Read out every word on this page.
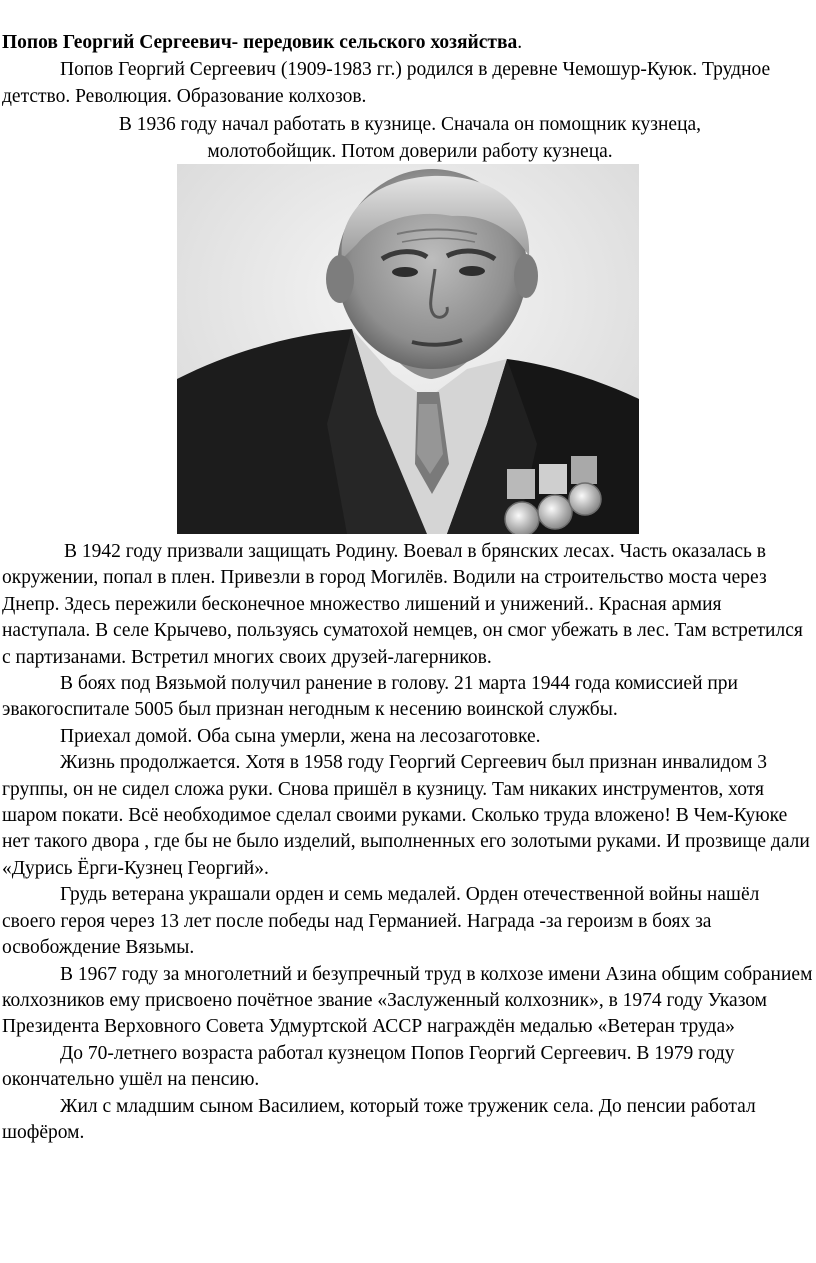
Попов Георгий Сергеевич- передовик сельского хозяйства.
Попов Георгий Сергеевич (1909-1983 гг.) родился в деревне Чемошур-Куюк. Трудное детство. Революция. Образование колхозов.
В 1936 году начал работать в кузнице. Сначала он помощник кузнеца, молотобойщик. Потом доверили работу кузнеца.

В 1942 году призвали защищать Родину. Воевал в брянских лесах. Часть оказалась в окружении, попал в плен. Привезли в город Могилёв. Водили на строительство моста через Днепр. Здесь пережили бесконечное множество лишений и унижений.. Красная армия наступала. В селе Крычево, пользуясь суматохой немцев, он смог убежать в лес. Там встретился с партизанами. Встретил многих своих друзей-лагерников.

В боях под Вязьмой получил ранение в голову. 21 марта 1944 года комиссией при эвакогоспитале 5005 был признан негодным к несению воинской службы.

Приехал домой. Оба сына умерли, жена на лесозаготовке.

Жизнь продолжается. Хотя в 1958 году Георгий Сергеевич был признан инвалидом 3 группы, он не сидел сложа руки. Снова пришёл в кузницу. Там никаких инструментов, хотя шаром покати. Всё необходимое сделал своими руками. Сколько труда вложено! В Чем-Куюке нет такого двора , где бы не было изделий, выполненных его золотыми руками. И прозвище дали «Дурись Ёрги-Кузнец Георгий».

Грудь ветерана украшали орден и семь медалей. Орден отечественной войны нашёл своего героя через 13 лет после победы над Германией. Награда -за героизм в боях за освобождение Вязьмы.

В 1967 году за многолетний и безупречный труд в колхозе имени Азина общим собранием колхозников ему присвоено почётное звание «Заслуженный колхозник», в 1974 году Указом Президента Верховного Совета Удмуртской АССР награждён медалью «Ветеран труда»

До 70-летнего возраста работал кузнецом Попов Георгий Сергеевич. В 1979 году окончательно ушёл на пенсию.

Жил с младшим сыном Василием, который тоже труженик села. До пенсии работал шофёром.
